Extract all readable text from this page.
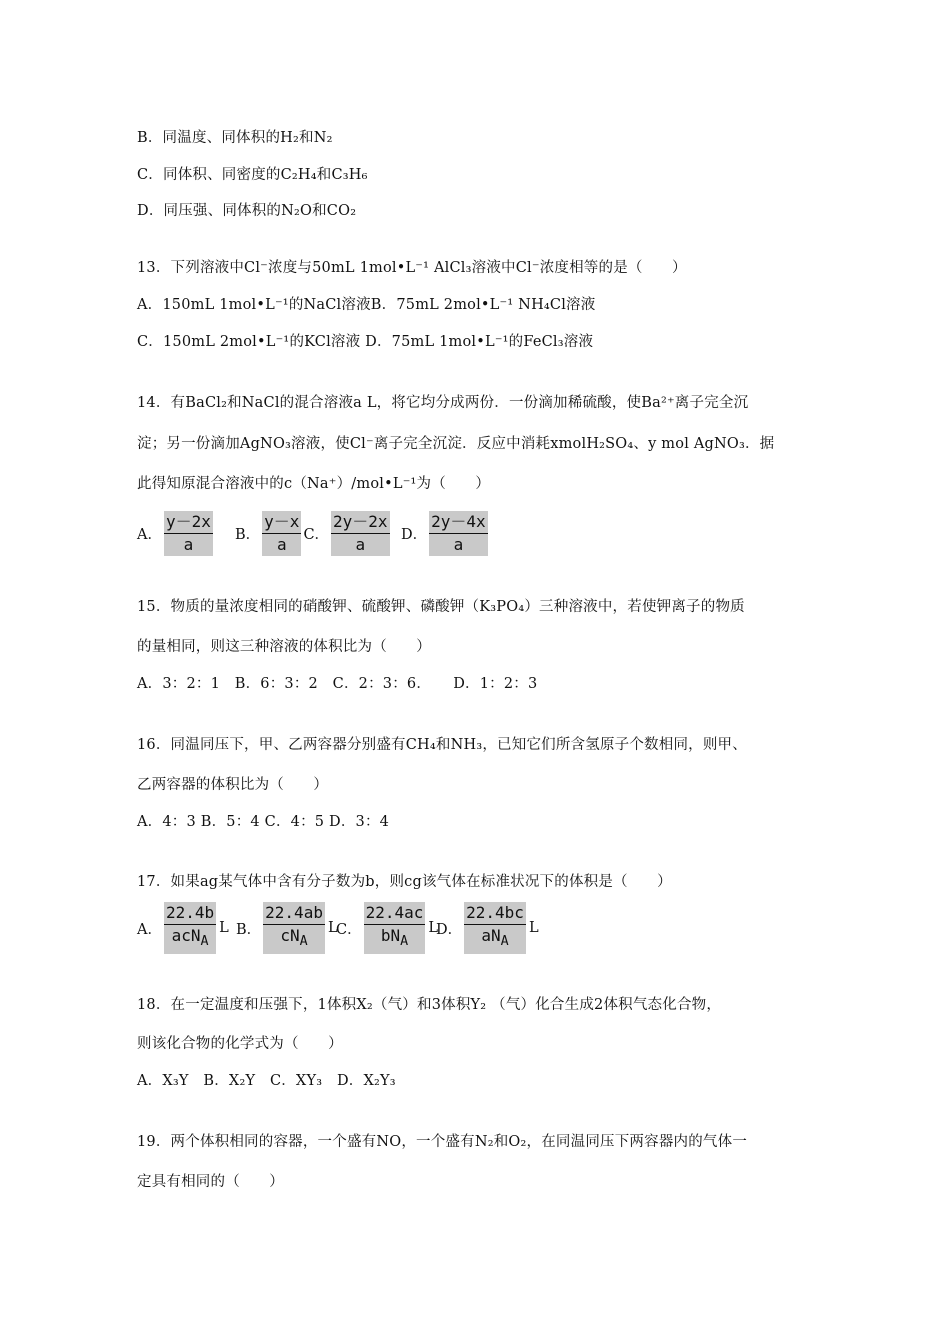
B．同温度、同体积的H₂和N₂
C．同体积、同密度的C₂H₄和C₃H₆
D．同压强、同体积的N₂O和CO₂
13．下列溶液中Cl⁻浓度与50mL 1mol•L⁻¹ AlCl₃溶液中Cl⁻浓度相等的是（　　）
A．150mL 1mol•L⁻¹的NaCl溶液B．75mL 2mol•L⁻¹ NH₄Cl溶液
C．150mL 2mol•L⁻¹的KCl溶液 D．75mL 1mol•L⁻¹的FeCl₃溶液
14．有BaCl₂和NaCl的混合溶液a L，将它均分成两份．一份滴加稀硫酸，使Ba²⁺离子完全沉
淀；另一份滴加AgNO₃溶液，使Cl⁻离子完全沉淀．反应中消耗xmolH₂SO₄、y mol AgNO₃．据
此得知原混合溶液中的c（Na⁺）/mol•L⁻¹为（　　）
A． $\frac{y-2x}{a}$ B． $\frac{y-x}{a}$ C． $\frac{2y-2x}{a}$ D． $\frac{2y-4x}{a}$
15．物质的量浓度相同的硝酸钾、硫酸钾、磷酸钾（K₃PO₄）三种溶液中，若使钾离子的物质
的量相同，则这三种溶液的体积比为（　　）
A．3：2：1　B．6：3：2　C．2：3：6．　　D．1：2：3
16．同温同压下，甲、乙两容器分别盛有CH₄和NH₃，已知它们所含氢原子个数相同，则甲、
乙两容器的体积比为（　　）
A．4：3 B．5：4 C．4：5 D．3：4
17．如果ag某气体中含有分子数为b，则cg该气体在标准状况下的体积是（　　）
A． $\frac{22.4b}{acN_A}$ L B． $\frac{22.4ab}{cN_A}$ L
C． $\frac{22.4ac}{bN_A}$ L
D． $\frac{22.4bc}{aN_A}$ L
18．在一定温度和压强下，1体积X₂（气）和3体积Y₂ （气）化合生成2体积气态化合物，
则该化合物的化学式为（　　）
A．X₃Y　B．X₂Y　C．XY₃　D．X₂Y₃
19．两个体积相同的容器，一个盛有NO，一个盛有N₂和O₂，在同温同压下两容器内的气体一
定具有相同的（　　）
